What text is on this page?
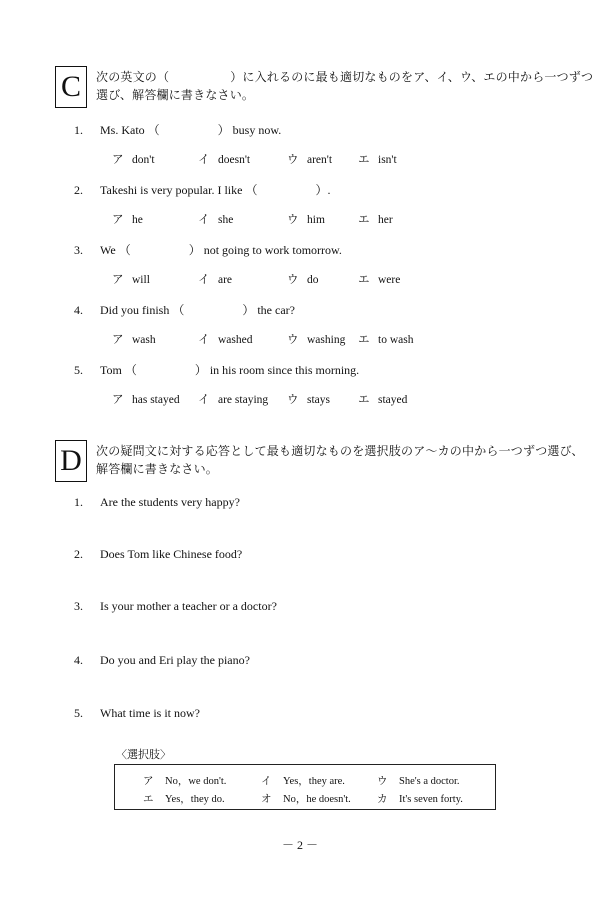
C	次の英文の（　　　　　）に入れるのに最も適切なものをア、イ、ウ、エの中から一つずつ
選び、解答欄に書きなさい。
1. Ms. Kato （	） busy now.
ア don't	イ doesn't	ウ aren't エ isn't
2. Takeshi is very popular. I like （	）.
ア he	イ she	ウ him	エ her
3. We （	） not going to work tomorrow.
ア will	イ are	ウ do	エ were
4. Did you finish （	） the car?
ア wash	イ washed	ウ washing エ to wash
5. Tom （	） in his room since this morning.
ア has stayed イ are staying ウ stays エ stayed
D	次の疑問文に対する応答として最も適切なものを選択肢のア～カの中から一つずつ選び、
解答欄に書きなさい。
1. Are the students very happy?
2. Does Tom like Chinese food?
3. Is your mother a teacher or a doctor?
4. Do you and Eri play the piano?
5. What time is it now?
〈選択肢〉
ア No，we don't.	イ Yes，they are.	ウ She's a doctor.
エ Yes，they do.	オ No，he doesn't. カ It's seven forty.
－ 2 －
